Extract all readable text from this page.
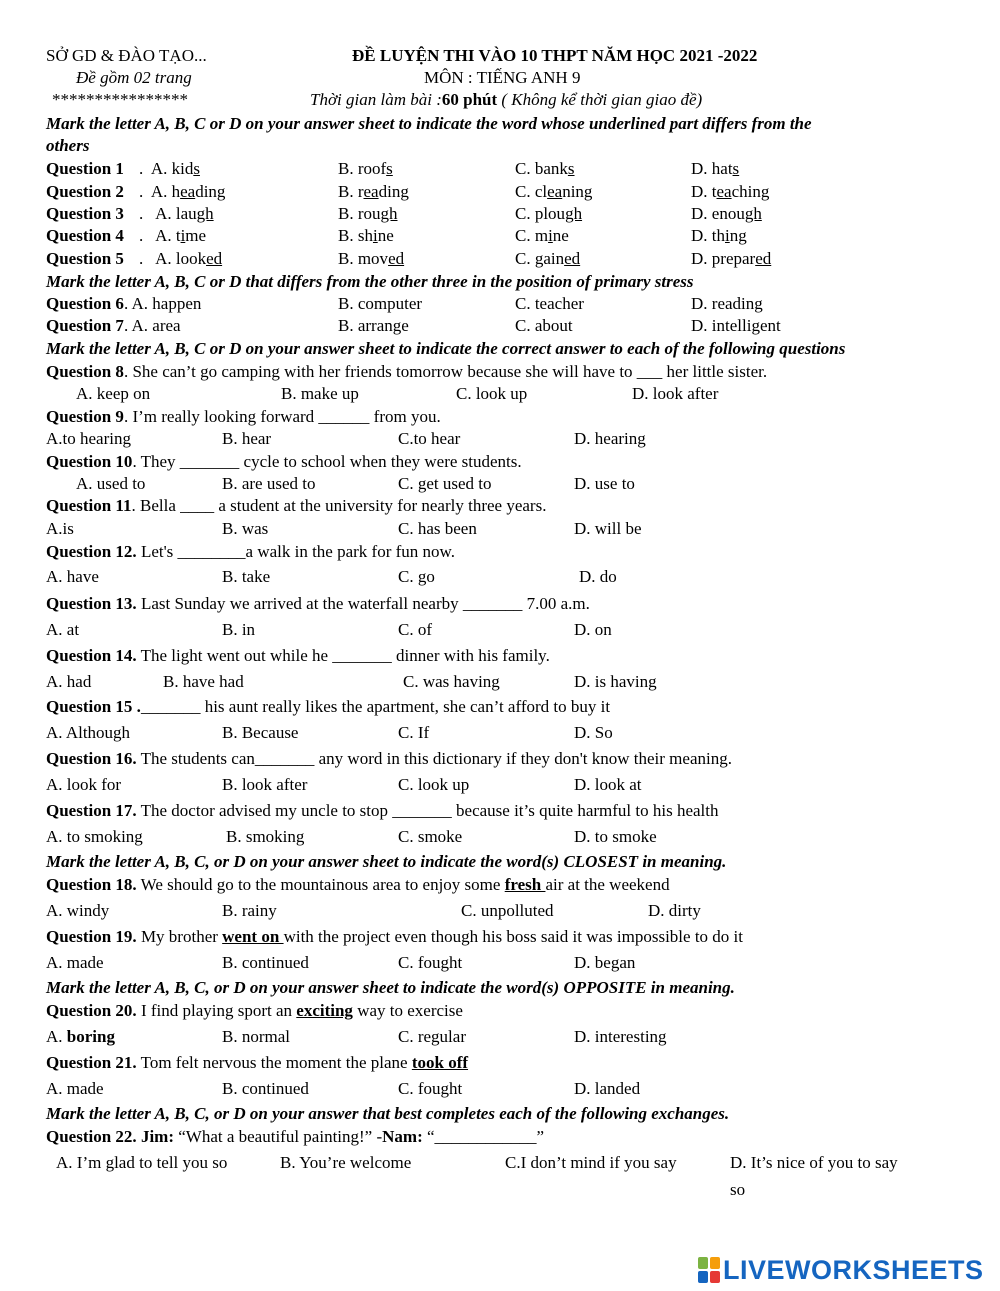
SỞ GD & ĐÀO TẠO...
Đề gồm 02 trang
****************
ĐỀ LUYỆN THI VÀO 10 THPT NĂM HỌC 2021 -2022
MÔN : TIẾNG ANH 9
Thời gian làm bài :60 phút ( Không kể thời gian giao đề)
Mark the letter A, B, C or D on your answer sheet to indicate the word whose underlined part differs from the
others
Question 1 .  A. kids	B. roofs	C. banks	D. hats
Question 2 .  A. heading	B. reading	C. cleaning	D. teaching
Question 3 .   A. laugh	B. rough	C. plough	D. enough
Question 4 .   A. time	B. shine	C. mine	D. thing
Question 5 .   A. looked	B. moved	C. gained	D. prepared
Mark the letter A, B, C or D that differs from the other three in the position of primary stress
Question 6. A. happen	B. computer	C. teacher	D. reading
Question 7. A. area	B. arrange	C. about	D. intelligent
Mark the letter A, B, C or D on your answer sheet to indicate the correct answer to each of the following questions
Question 8. She can’t go camping with her friends tomorrow because she will have to ___ her little sister.
A. keep on	B. make up	C. look up	D. look after
Question 9. I’m really looking forward ______ from you.
A.to hearing	B. hear	C.to hear	D. hearing
Question 10. They _______ cycle to school when they were students.
A. used to	B. are used to	C. get used to	D. use to
Question 11. Bella ____ a student at the university for nearly three years.
A.is	B. was	C. has been	D. will be
Question 12. Let's ________a walk in the park for fun now.
A. have	B. take	C. go	D. do
Question 13. Last Sunday we arrived at the waterfall nearby _______ 7.00 a.m.
A. at	B. in	C. of	D. on
Question 14. The light went out while he _______ dinner with his family.
A. had	B. have had	C. was having	D. is having
Question 15 ._______ his aunt really likes the apartment, she can’t afford to buy it
A. Although	B. Because	C. If	D. So
Question 16. The students can_______ any word in this dictionary if they don't know their meaning.
A. look for	B. look after	C. look up	D. look at
Question 17. The doctor advised my uncle to stop _______ because it’s quite harmful to his health
A. to smoking	B. smoking	C. smoke	D. to smoke
Mark the letter A, B, C, or D on your answer sheet to indicate the word(s) CLOSEST in meaning.
Question 18. We should go to the mountainous area to enjoy some fresh air at the weekend
A. windy	B. rainy	C. unpolluted	D. dirty
Question 19. My brother went on with the project even though his boss said it was impossible to do it
A. made	B. continued	C. fought	D. began
Mark the letter A, B, C, or D on your answer sheet to indicate the word(s) OPPOSITE in meaning.
Question 20. I find playing sport an exciting way to exercise
A. boring	B. normal	C. regular	D. interesting
Question 21. Tom felt nervous the moment the plane took off
A. made	B. continued	C. fought	D. landed
Mark the letter A, B, C, or D on your answer that best completes each of the following exchanges.
Question 22. Jim: “What a beautiful painting!” -Nam: “____________”
A. I’m glad to tell you so	B. You’re welcome	C.I don’t mind if you say	D. It’s nice of you to say
so
LIVEWORKSHEETS
